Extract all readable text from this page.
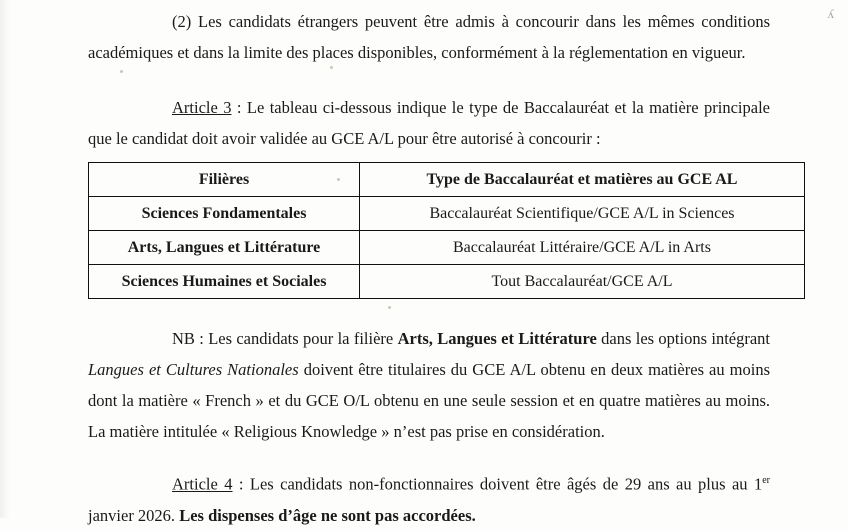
(2) Les candidats étrangers peuvent être admis à concourir dans les mêmes conditions académiques et dans la limite des places disponibles, conformément à la réglementation en vigueur.

Article 3 : Le tableau ci-dessous indique le type de Baccalauréat et la matière principale que le candidat doit avoir validée au GCE A/L pour être autorisé à concourir :

Filières	Type de Baccalauréat et matières au GCE AL
Sciences Fondamentales	Baccalauréat Scientifique/GCE A/L in Sciences
Arts, Langues et Littérature	Baccalauréat Littéraire/GCE A/L in Arts
Sciences Humaines et Sociales	Tout Baccalauréat/GCE A/L

NB : Les candidats pour la filière Arts, Langues et Littérature dans les options intégrant Langues et Cultures Nationales doivent être titulaires du GCE A/L obtenu en deux matières au moins dont la matière « French » et du GCE O/L obtenu en une seule session et en quatre matières au moins. La matière intitulée « Religious Knowledge » n’est pas prise en considération.

Article 4 : Les candidats non-fonctionnaires doivent être âgés de 29 ans au plus au 1er janvier 2026. Les dispenses d’âge ne sont pas accordées.

ʎ
